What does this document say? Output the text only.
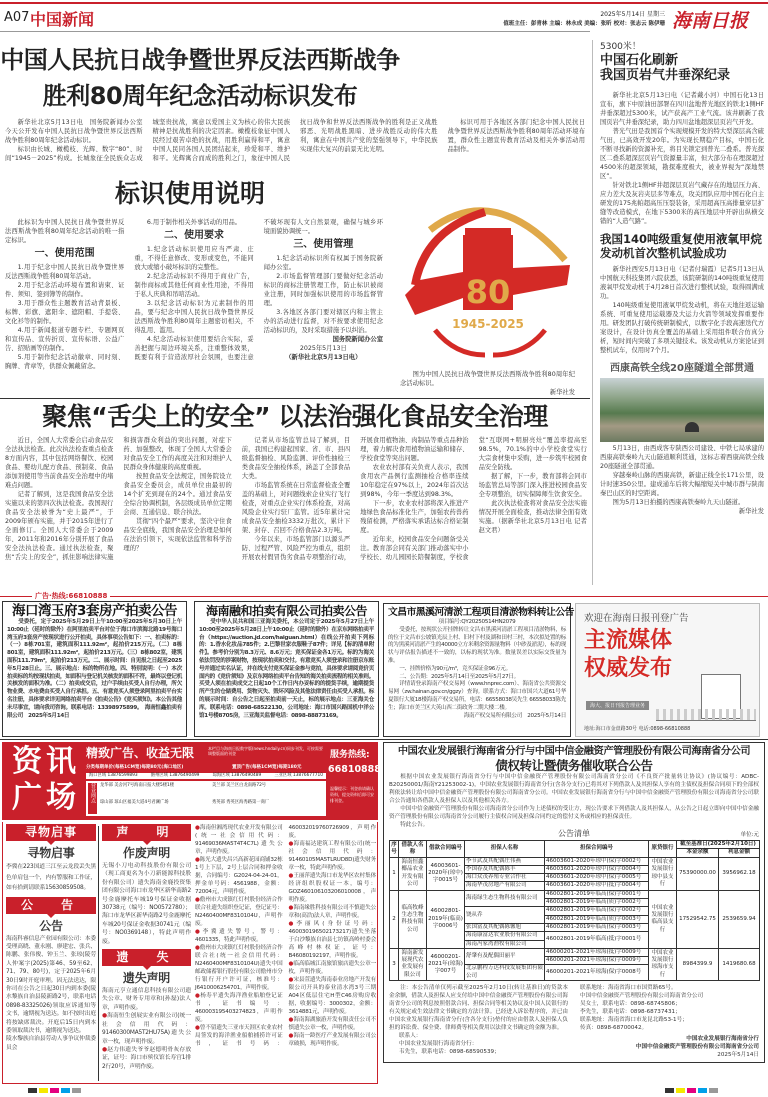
A07 中国新闻	2025年5月14日 星期三
值班主任：彭青林 主编：林永成 美编：张昕 校对：张志云 陈伊珊 海南日报
中国人民抗日战争暨世界反法西斯战争
胜利80周年纪念活动标识发布

新华社北京5月13日电　国务院新闻办公室今天公开发布中国人民抗日战争暨世界反法西斯战争胜利80周年纪念活动标识。

标识由长城、橄榄枝、光辉、数字“80”、时间“1945－2025”构成。长城象征全民族众志成城坚贵抗战，寓意以爱国主义为核心的伟大民族精神是抗战胜利的决定因素。橄榄枝象征中国人民经过艰苦卓绝的抗战，用胜利赢得和平，寓意中国人民同各国人民团结起来，珍爱和平、维护和平。光辉寓合而成的胜利之门，象征中国人民抗日战争和世界反法西斯战争的胜利是正义战胜邪恶、光明战胜黑暗、进步战胜反动的伟大胜利，寓意在中国共产党的坚强领导下，中华民族实现伟大复兴的前景无比光明。

标识可用于各地区各部门纪念中国人民抗日战争暨世界反法西斯战争胜利80周年活动环境布置，群众性主题宣传教育活动及相关外事活动用品制作。

标识使用说明

此标识为中国人民抗日战争暨世界反法西斯战争胜利80周年纪念活动的唯一指定标识。

一、使用范围

1.用于纪念中国人民抗日战争暨世界反法西斯战争胜利80周年活动。

2.用于纪念活动环境布置和请柬、证件、须知、签到簿等的制作。

3.用于群众性主题教育活动背景板、标牌、彩旗、遮阳伞、遮阳帽、手提袋、文化衫等的制作。

4.用于新闻报道专题专栏、专题网页和宣传品、宣传折页、宣传标语、公益广告、招贴画等的制作。

5.用于制作纪念活动徽章、同时刻、胸牌、背章等，供群众佩戴留念。

6.用于制作相关外事活动的用品。

二、使用要求

1.纪念活动标识使用应当严肃、庄重，不得任意修改、变形或变色，不能同放大或缩小破坏标识的完整性。

2.纪念活动标识不得用于商业广告，制作商标或其他任何商业性用途，不得用于私人庆典和吊唁活动。

3.以纪念活动标识为元素制作的用品，要与纪念中国人民抗日战争暨世界反法西斯战争胜利80周年主题密切相关，不得乱用、滥用。

4.纪念活动标识使用要结合实际，妥善把握与周边环境关系，注重整体效果，既要有利于营造浓厚社会氛围，也要注意不破坏现有人文自然景观，确保与城乡环境面貌协调统一。

三、使用管理

1.纪念活动标识所有权属于国务院新闻办公室。

2.市场监督管理部门要做好纪念活动标识的商标注册管理工作，防止标识被商业注册，同时加强标识使用的市场监督管理。

3.各地区各部门要对辖区内和主管主办的活动进行监督，对不按要求使用纪念活动标识的，及时采取措施予以纠治。

国务院新闻办公室
2025年5月13日
（新华社北京5月13日电）
80
1945-2025

图为中国人民抗日战争暨世界反法西斯战争胜利80周年纪念活动标识。

新华社发
聚焦“舌尖上的安全” 以法治强化食品安全治理

近日，全国人大常委会启动食品安全法执法检查。此次执法检查重点检查8方面内容，其中包括网络餐饮、校园食品、婴幼儿配方食品、预制菜、食品添加剂使用等当前食品安全治理中的堵难点问题。

记者了解到，这是我国食品安全法实施以来的第四次执法检查。我国现行食品安全法被誉为“史上最严”，于2009年颁布实施，并于2015年进行了全面修订。全国人大常委会于2009年、2011年和2016年分别开展了食品安全法执法检查。通过执法检查，聚焦“舌尖上的安全”，抓住影响法律实施和损害群众利益的突出问题，对症下药、加强整改，体现了全国人大常委会对食品安全工作的高度关注和对维护人民群众身体健康的高度重视。

按照食品安全法规定，国务院设立食品安全委员会，成员单位由最初的14个扩充到现在的24个。通过食品安全综合协调机制，各层级成员单位定期会商、互通信息、联合执法。

贯彻“四个最严”要求，坚决守住食品安全底线，我国食品安全治理是如何在法治引领下，实现依法监管和科学治理的？

记者从市场监管总局了解到，目前，我国已构建起国家、省、市、县四级监督抽检、风险监测、评价性抽检三类食品安全抽检体系，涵盖了全部食品大类。

市场监管系统在日常监督检查全覆盖的基础上，对问题线索企业实行飞行检查，对重点企业实行体系检查，对高风险企业实行驻厂监管。近5年累计完成食品安全抽检3332万批次，累计下架、封存、召回不合格食品2.3万吨。

今年以来，市场监管部门以源头严防、过程严管、风险严控为重点，组织开展农村假冒伪劣食品专项整治行动，开展食用植物油、肉制品等重点品种治理，着力解决食用植物油运输和储存、学校食堂等突出问题。

农业农村部有关负责人表示，我国食用农产品例行监测抽检合格率连续10年稳定在97%以上，2024年首次达到98%，今年一季度达到98.3%。

下一步，农业农村部将深入推进产地绿色食品标准化生产，加强农药兽药残留检测，严格落实承诺达标合格证制度。

近年来，校园食品安全问题备受关注。教育部会同有关部门推动落实中小学校长、幼儿园园长陪餐制度，学校食堂“互联网+明厨亮灶”覆盖率提高至98.5%，70.1%的中小学校食堂实行大宗食材集中采购，进一步筑牢校园食品安全防线。

据了解，下一步，教育部将会同市场监管总局等部门深入推进校园食品安全专项整治，切实保障师生饮食安全。

此次执法检查将对食品安全法实施情况开展全面检查，推动法律全面有效实施。（据新华社北京5月13日电 记者 赵文君）

5300米！
中国石化刷新
我国页岩气井垂深纪录

新华社北京5月13日电（记者戴小河）中国石化13日宣布，旗下中原油田部署在四川盆地普光地区的铁北1侧HF井垂深超过5300米，试产获高产工业气流。该井刷新了我国页岩气井垂深纪录，助力四川盆地超深层页岩气开发。

普光气田是我国首个实现规模开发的特大型深层高含硫气田，已高效开发20年。为实现长期稳产目标，中国石化不断寻找新的资源补充，将目光锁定到普光二叠系。普光探区二叠系超深层页岩气资源量丰富，但大部分布在埋深超过4500米的超深领域，勘探难度极大，被业界视为“深地禁区”。

针对铁北1侧HF井超深层页岩气藏存在的地层压力高、应力差大及灰岩夹层多等难点，攻关团队应用中国石化自主研发的175兆帕超高压压裂装备，采用超高压高排量穿层扩缝等改造模式，在地下5300米的高压地层中开辟出纵横交错的“人造气路”。

我国140吨级重复使用液氧甲烷
发动机首次整机试验成功

新华社西安5月13日电（记者付瑞霞）记者5月13日从中国航天科技集团六院获悉，该院研制的140吨级重复使用液氧甲烷发动机于4月28日首次进行整机试验，取得圆满成功。

140吨级重复使用液氧甲烷发动机，将在天地往返运输系统、可重复使用运载器及大运力火箭等领域发挥重要作用。研发团队打破传统研制模式，以数字化手段高速迭代方案设计，在设计仿真全覆盖的基础上采用组件联合仿真分析，短时间内突破了多项关键技术。该发动机从方案论证到整机试车，仅用时7个月。

西康高铁全线20座隧道全部贯通

5月13日，由西成客专陕西公司建设、中铁七局承建的西康高铁秦岭九天山隧道顺利贯通，这标志着西康高铁全线20座隧道全部贯通。

穿越秦岭山脉的西康高铁，新建正线全长171公里，设计时速350公里。建成通车后将大幅缩短关中城市群与陕南秦巴山区的时空距离。

图为5月13日拍摄的西康高铁秦岭九天山隧道。

新华社发
广告·热线:66810888
海口湾玉府3套房产拍卖公告

受委托，定于2025年5月29日上午10:00至2025年5月30日上午10:00止（延时的除外）在阿里拍卖平台对位于海口市滨海北路19号海口湾玉府3套房产按现状进行公开拍卖，具体事项公告如下：一、拍卖标的：（一）8栋701室，建筑面积111.92m²，起拍价215万元。（二）8栋801室，建筑面积111.92m²，起拍价213万元。（三）8栋802室，建筑面积111.79m²，起拍价213万元。二、展示时间：自见报之日起至2025年5月28日止。三、展示地点：标的物所在地。四、特别说明：（一）本次拍卖标的均按现状拍卖，如面积与登记机关核发的面积不符，最终以登记机关核发的面积为准。（二）拍卖成交后，过户手续由买受人自行办理，所欠物业费、水电费由买受人自行承担。五、有意竞买人须登录阿里拍卖平台实名注册，具体要求详见网络拍卖平台《拍卖公告》《竞买须知》。本公告其他未尽事宜，请向我司咨询。联系电话：13398975899。　 海南恒鑫拍卖有限公司　2025年5月14日

海南融和拍卖有限公司拍卖公告

受中华人民共和国三亚海关委托，本公司定于2025年5月27日上午10:00至2025年5月28日上午10:00止（延时的除外）在京东网络拍卖平台（https://auction.jd.com/haiguan.html）在线公开拍卖下列标的：1.香水化妆品785件；2.巴黎世家衣服鞋子87件；详见【标的清单附件】。参考价分别为8.3万元、8.6万元；竞买保证金各1万元。标的为海关依法罚没的涉案财物，按现状拍卖和交付。有意竞买人须登录和注册京东账号并通过实名认证，并在线支付竞买保证金参与竞拍，具体要求请阅竞价页面内的《竞价须知》及京东网络拍卖平台告知的海关拍卖流程的相关准则。买受人须在拍卖成交之日起10个工作日内办妥标的的提货手续，逾期提货所产生的仓储费用、货物灭失、毁坏风险及其他法律责任由买受人承担。标的展示时间：自公告之日起至拍卖前一天止，标的展示地点：三亚海关仓库。联系电话：0898-68522130，公司地址：海口市国兴路国机中洋公馆1号楼8705房，三亚海关监督电话：0898-88873169。

文昌市黑溪河清淤工程项目清淤物料转让公告
项目编号:QY20250514HN2079

受委托，按现状公开挂牌转让文昌市黑溪河清淤工程项目清淤物料，标的位于文昌市公坡镇光辰上村、旧村下村及湖和田村三村，本次拟处置的标的为黑溪河清淤产生的40000立方米剩余资源量物料（中砂及淤泥），标的现状与评估报告描述不一致的，以标的现状为准。数量误差以实际交货量为准。

一、挂牌价格为90元/m³，竞买保证金96万元。

二、公告期：2025年5月14日至2025年5月27日。

详情请登录海南产权交易网（www.hnprec.com）、海南省公共资源交易网（zw.hainan.gov.cn/ggzy）查询。联系方式：海口市国兴大道61号华夏银行大厦18楼海南产权交易所，电话：66558038吴先生 66558033陈先生；海口市美兰区大英山西二街政务二期大楼二楼。

海南产权交易所有限公司　2025年5月14日
欢迎在海南日报刊登广告
主流媒体
权威发布
海大、报日刊报告理业务
地址:海口市金盘路30号 电话:0898-66810888
资 讯
广 场
精致广告、收益无限	本栏目与海南日报数字版(news.hndaily.cn)同步刊发，可按需要调整版面的刊登
分类每期单价(每格1CM宽)每期80元(海口地区)	置顶广告(每格1CM宽)每期180元
海口区域 13876599893	儋州区域 13876490499	琼海区域 13876490489	三亚区域 13876677710
营业网点 龙华部 美舍河7号海南日报大楼5楼1楼	美兰部 美兰区白龙南路72号
琼山部 琼山区福美大道4号君澜广场	秀英部 秀英区海秀路第一商厂
服务热线:
66810888
温馨提示：刊登前请确认资料，提交资料后即可安排刊登。
寻物启事
寻物启事
李冀在223国道三江至云龙段丢失黑色单肩包一个，内有警服和工作证，如有拾到请联系15630859508。
公　告
公告
海南科睿信息产业园有限公司：本委受理高晓、董永刚、廖建宏、张兵、陈鹏、张伟俊、钟玉兰、张琼(陵劳人仲案字(2025)第46、59至62、71、79、80号)，定于2025年6月30日9时开庭审理。因无法送达，限你司在公告之日起30日内到本委(陵水黎族自治县陵新路2号，联系电话0898-83325026)领取应诉通知等文书，逾期视为送达。如不按时出庭将按缺席裁决。开庭后15日内到本委领取裁决书，逾期视为送达。
陵水黎族自治县劳动人事争议仲裁委员会
声　明
作废声明
无锡小刀电动科技股份有限公司（现工商更名为小刀新能源科技股份有限公司）遗失海南金鹿投资集团有限公司海口市龙华区新华南路2号金鹿摩托车城19号保证金收据30738元（编号：NO0572780）；海口市龙华区新华南路2号金鹿摩托车城20号保证金收据30741元（编号：NO0369148），特此声明作废。
遗　失
遗失声明
海南元亨立通信息科技有限公司遗失公章、财务专用章和(孙磊)法人章，声明作废。
● 海南恒生创展实业有限公司(统一社会信用代码：91460300MA5T2HU75A)遗失公章一枚，现声明作废。
● 赵力伟遗失爷爷赵德明骨灰存放证，证号：海口市殡仪馆长寿宫1排2行20号，声明作废。
● 海南但湘湾现代农业开发有限公司(统一社会信用代码：91469036MA5T4T4C7L)遗失公章，声明作废。
● 陈光大遗失昌兴高新花园商铺32栋1号上下层，2号上层合同和押金收据，合同编号：G2024-04-24-01，押金单号码：4561988，金额：72004元，声明作废。
● 儋州市大成镇红灯村股份经济合作联合社遗失组织登记证，登记证号：N2460400MF8310104U，声明作废。
● 李冀遗失警号，警号：4601335，特此声明作废。
● 儋州市大成镇红灯村股份经济合作联合社(统一社会信用代码：N2460400MF8310104U)遗失中国邮政储蓄银行股份有限公司儋州市分行银行开户许可证，核准号：J6410006254701，声明作废。
● 杨寿平遗失海洋渔业船舶登记证书，证书编号：460003195403274823，声明作废。
● 曾不留遗失三亚市天涯区农业农村局签发的海洋渔业船舶捕捞许可证书，证书号码：460032019760726909，声明作废。
● 海南福达建筑工程有限公司(统一社会信用代码：91460105MA5TLRUD8D)遗失财务章一枚，特此声明作废。
● 王丽萍遗失海口市龙华区农村集体经济组织股权证一本，编号：GOZ460106103206010008，声明作废。
● 海南缘胜科技有限公司不慎遗失公章和(高浩)法人章，声明作废。
● 李丽风(身份证号码：460030196502173217)遗失坐落于白沙黎族自治县七坊镇高岭村委会高峰村林权证，证号：B46080192197，声明作废。
● 临高临城江南旅馆旅店遗失公章一枚，声明作废。
● 宋县萱遗失海南泰业房地产开发有限公司开具的泰业清水湾3号三期A04区低层住宅H型C46房购房收据，收据编号：3000302，金额：3614881元，声明作废。
● 海南海湖旅游开发有限责任公司不慎遗失公章一枚，声明作废。
● 海南一龄医疗产业发展有限公司公章破损，现声明作废。
中国农业发展银行海南省分行与中国中信金融资产管理股份有限公司海南省分公司
债权转让暨债务催收联合公告

根据中国农业发展银行海南省分行与中国中信金融资产管理股份有限公司海南省分公司《不良资产批量转让协议》(协议编号：ADBC-B20250001/海南Y21253002-1)，中国农业发展银行海南省分行(含各分支行)已将其对下列借款人及其担保人享有的主债权及担保合同项下的全部权利依法转让给中国中信金融资产管理股份有限公司海南省分公司。中国农业发展银行海南省分行与中国中信金融资产管理股份有限公司海南省分公司联合公告通知各借款人及担保人以及其他相关各方。

中国中信金融资产管理股份有限公司海南省分公司作为上述债权的受让方，现公告要求下列借款人及其担保人，从公告之日起立即向中国中信金融资产管理股份有限公司海南省分公司履行主债权合同及担保合同约定的偿付义务或相应的担保责任。

特此公告。

公告清单	单位:元
序号	借款人名称	借款合同编号	担保人名称	担保合同编号	原贷银行	截至基准日(2025年2月10日)	
						本金余额	利息金额
1	海南恒鑫椰品农业开发有限公司	46003601-2020年(琼中)字0015号	李节武及其配偶庄伟燕	46003601-2020年琼中(保)字0002号	中国农业发展银行琼中县支行	75390000.00	3956962.18
			李国春及其配偶陈丰	46003601-2020年琼中(保)字0004号			
			海口众茂养殖专业合作社	46003601-2020年琼中(保)字0005号			
			海南华茂房地产有限公司	46003601-2020年琼中(抵)字0004号			
2	临高牧峰生态生物科技有限公司	46002801-2019年(临高)字0006号	海南绿生态生物科技有限公司	46002801-2019年临高(保)字0001号	中国农业发展银行临高县支行	17529542.75	2539659.94
				46002801-2019年临高(质)字0002号			
			饶从乔	46002801-2019年临高(保)字0002号			
				46002801-2019年临高(质)字0003号			
			张国富及其配偶陈馨旭	46002801-2019年临高(保)字0003号			
			海南康富达农业股份有限公司	46002801-2019年临高(抵)字0001号			
			海南冯家湾渔牧有限公司				
3	海南新发展现代农业发展有限公司	46000201-2021年(琼海)字007号	舒肇有及配偶田丽平	46000201-2021年琼海(抵)字0009号	中国农业发展银行琼海市支行	8984399.9	1419680.68
				46000201-2021年琼海(保)字0009号			
			北京鹏程万达科技发展集团有限公司	46000201-2021年琼海(保)字0008号			

注：本公告清单仅列示截至2025年2月10日(转让基准日)的贷款本金余额，借款人及担保人应支付给中国中信金融资产管理股份有限公司海南省分公司的利息按照借款合同、担保合同等相关协议及中国人民银行的有关规定或生效法律文书确定的方法计算。已经进入诉讼程序的，并已由中国农业发展银行海南省分行(含各分支行)垫付的应由借款人及担保人负担的诉讼费、保全费、律师费等相关费用以法律文书确定的金额为准。

联系人：
中国农业发展银行海南省分行：
韦先生，联系电话：0898-68590539；
联系地址：海南省海口市国贸路65号。
中国中信金融资产管理股份有限公司海南省分公司
吴女士，联系电话：0898-68745806；
李先生，联系电话：0898-68737431；
联系地址：海南省海口市龙昆北路53-1号；
传真：0898-68700042。
中国农业发展银行海南省分行
中国中信金融资产管理股份有限公司海南省分公司
2025年5月14日
